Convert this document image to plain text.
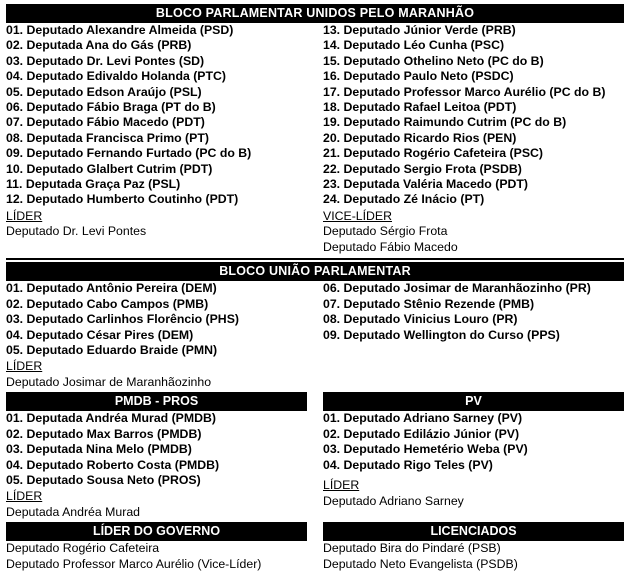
BLOCO PARLAMENTAR UNIDOS PELO MARANHÃO
01. Deputado Alexandre Almeida (PSD)
02. Deputada Ana do Gás (PRB)
03. Deputado Dr. Levi Pontes (SD)
04. Deputado Edivaldo Holanda (PTC)
05. Deputado Edson Araújo (PSL)
06. Deputado Fábio Braga (PT do B)
07. Deputado Fábio Macedo (PDT)
08. Deputada Francisca Primo (PT)
09. Deputado Fernando Furtado (PC do B)
10. Deputado Glalbert Cutrim (PDT)
11. Deputada Graça Paz (PSL)
12. Deputado Humberto Coutinho (PDT)
LÍDER
Deputado Dr. Levi Pontes
13. Deputado Júnior Verde (PRB)
14. Deputado Léo Cunha (PSC)
15. Deputado Othelino Neto (PC do B)
16. Deputado Paulo Neto (PSDC)
17. Deputado Professor Marco Aurélio (PC do B)
18. Deputado Rafael Leitoa (PDT)
19. Deputado Raimundo Cutrim (PC do B)
20. Deputado Ricardo Rios (PEN)
21. Deputado Rogério Cafeteira (PSC)
22. Deputado Sergio Frota (PSDB)
23. Deputada Valéria Macedo (PDT)
24. Deputado Zé Inácio (PT)
VICE-LÍDER
Deputado Sérgio Frota
Deputado Fábio Macedo
BLOCO UNIÃO PARLAMENTAR
01. Deputado Antônio Pereira (DEM)
02. Deputado Cabo Campos (PMB)
03. Deputado Carlinhos Florêncio (PHS)
04. Deputado César Pires (DEM)
05. Deputado Eduardo Braide (PMN)
LÍDER
Deputado Josimar de Maranhãozinho
06. Deputado Josimar de Maranhãozinho (PR)
07. Deputado Stênio Rezende (PMB)
08. Deputado Vinicius Louro (PR)
09. Deputado Wellington do Curso (PPS)
PMDB - PROS	PV
01. Deputada Andréa Murad (PMDB)
02. Deputado Max Barros (PMDB)
03. Deputada Nina Melo (PMDB)
04. Deputado Roberto Costa (PMDB)
05. Deputado Sousa Neto (PROS)
LÍDER
Deputada Andréa Murad
01. Deputado Adriano Sarney (PV)
02. Deputado Edilázio Júnior (PV)
03. Deputado Hemetério Weba (PV)
04. Deputado Rigo Teles (PV)
LÍDER
Deputado Adriano Sarney
LÍDER DO GOVERNO	LICENCIADOS
Deputado Rogério Cafeteira
Deputado Professor Marco Aurélio (Vice-Líder)
Deputado Bira do Pindaré (PSB)
Deputado Neto Evangelista (PSDB)
